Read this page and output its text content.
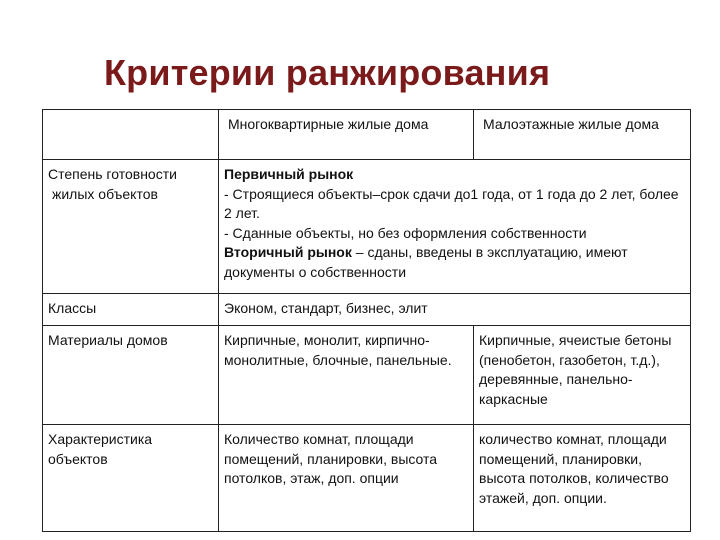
Критерии ранжирования

	Многоквартирные жилые дома	Малоэтажные жилые дома

Степень готовности
жилых объектов	Первичный рынок
- Строящиеся объекты–срок сдачи до1 года, от 1 года до 2 лет, более 2 лет.
- Сданные объекты, но без оформления собственности
Вторичный рынок – сданы, введены в эксплуатацию, имеют документы о собственности	

Классы	Эконом, стандарт, бизнес, элит	
Материалы домов	Кирпичные, монолит, кирпично-монолитные, блочные, панельные.	Кирпичные, ячеистые бетоны (пенобетон, газобетон, т.д.), деревянные, панельно-каркасные
Характеристика объектов	Количество комнат, площади помещений, планировки, высота потолков, этаж, доп. опции	количество комнат, площади помещений, планировки, высота потолков, количество этажей, доп. опции.
